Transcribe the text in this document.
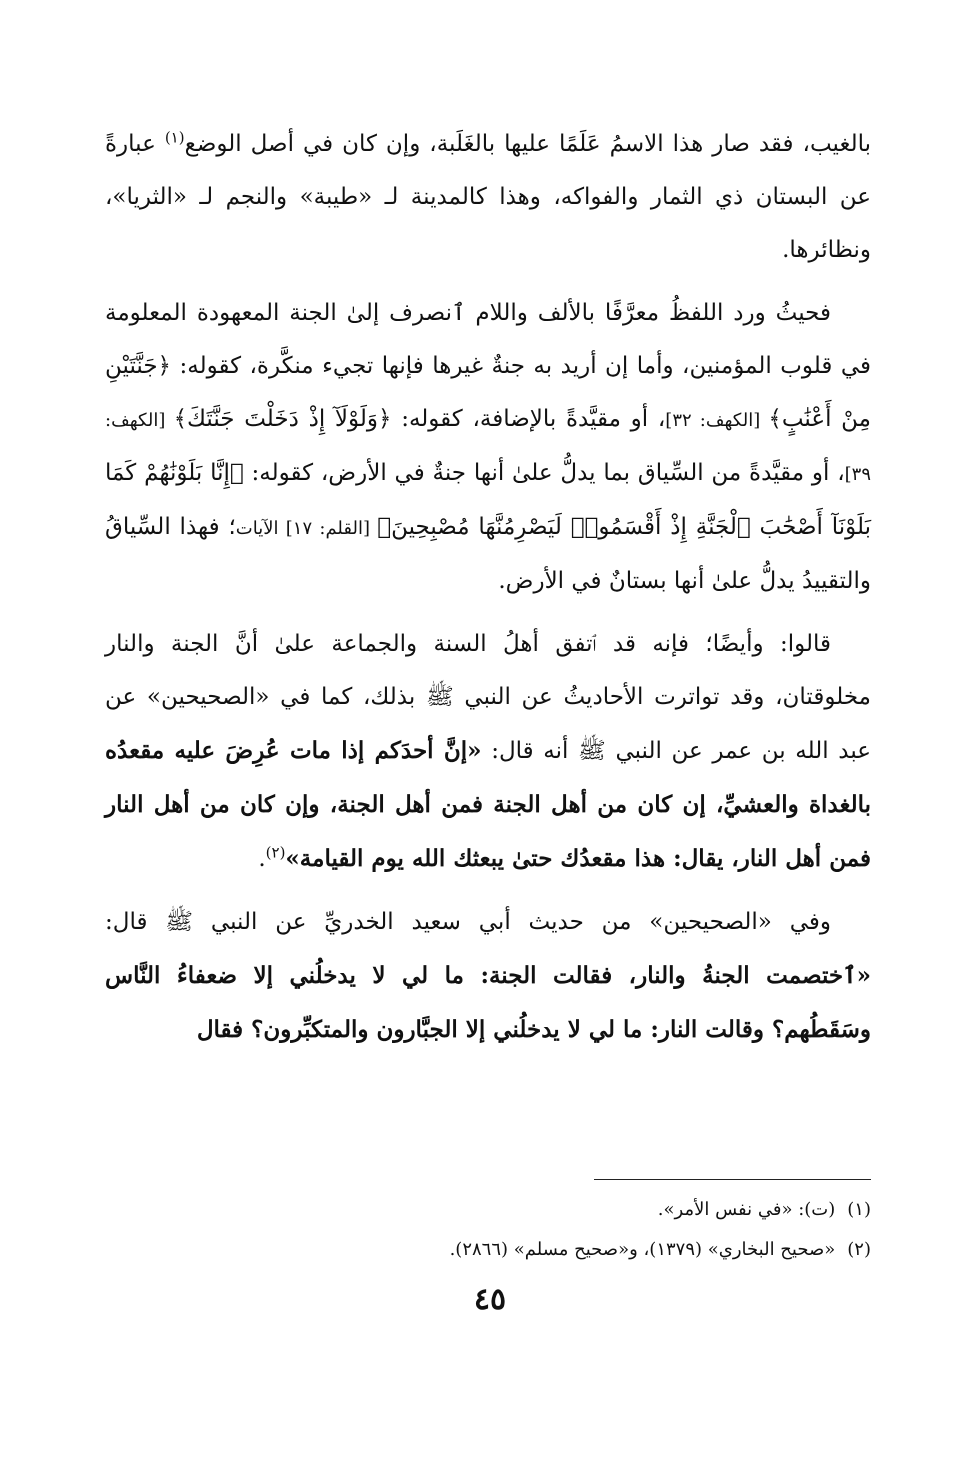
بالغيب، فقد صار هذا الاسمُ عَلَمًا عليها بالغَلَبة، وإن كان في أصل الوضع$^{(١)}$ عبارةً عن البستان ذي الثمار والفواكه، وهذا كالمدينة لـ «طيبة» والنجم لـ «الثريا»، ونظائرها.

فحيثُ ورد اللفظُ معرَّفًا بالألف واللام ٱنصرف إلىٰ الجنة المعهودة المعلومة في قلوب المؤمنين، وأما إن أريد به جنةٌ غيرها فإنها تجيء منكَّرة، كقوله: ﴿جَنَّتَيْنِ مِنْ أَعْنَٰبٍ﴾ [الكهف: ٣٢]، أو مقيَّدةً بالإضافة، كقوله: ﴿وَلَوْلَآ إِذْ دَخَلْتَ جَنَّتَكَ﴾ [الكهف: ٣٩]، أو مقيَّدةً من السِّياق بما يدلُّ علىٰ أنها جنةٌ في الأرض، كقوله: ﴿إِنَّا بَلَوْنَٰهُمْ كَمَا بَلَوْنَآ أَصْحَٰبَ ٱلْجَنَّةِ إِذْ أَقْسَمُوا۟ لَيَصْرِمُنَّهَا مُصْبِحِينَ﴾ [القلم: ١٧] الآيات؛ فهذا السِّياقُ والتقييدُ يدلُّ علىٰ أنها بستانٌ في الأرض.

قالوا: وأيضًا؛ فإنه قد ٱتفق أهلُ السنة والجماعة علىٰ أنَّ الجنة والنار مخلوقتان، وقد تواترت الأحاديثُ عن النبي ﷺ بذلك، كما في «الصحيحين» عن عبد الله بن عمر عن النبي ﷺ أنه قال: «إنَّ أحدَكم إذا مات عُرِضَ عليه مقعدُه بالغداة والعشيِّ، إن كان من أهل الجنة فمن أهل الجنة، وإن كان من أهل النار فمن أهل النار، يقال: هذا مقعدُك حتىٰ يبعثك الله يوم القيامة»$^{(٢)}$.

وفي «الصحيحين» من حديث أبي سعيد الخدريِّ عن النبي ﷺ قال: «ٱختصمت الجنةُ والنار، فقالت الجنة: ما لي لا يدخلُني إلا ضعفاءُ النَّاس وسَقَطُهم؟ وقالت النار: ما لي لا يدخلُني إلا الجبَّارون والمتكبِّرون؟ فقال

(١)(ت): «في نفس الأمر».

(٢)«صحيح البخاري» (١٣٧٩)، و«صحيح مسلم» (٢٨٦٦).

٤٥
